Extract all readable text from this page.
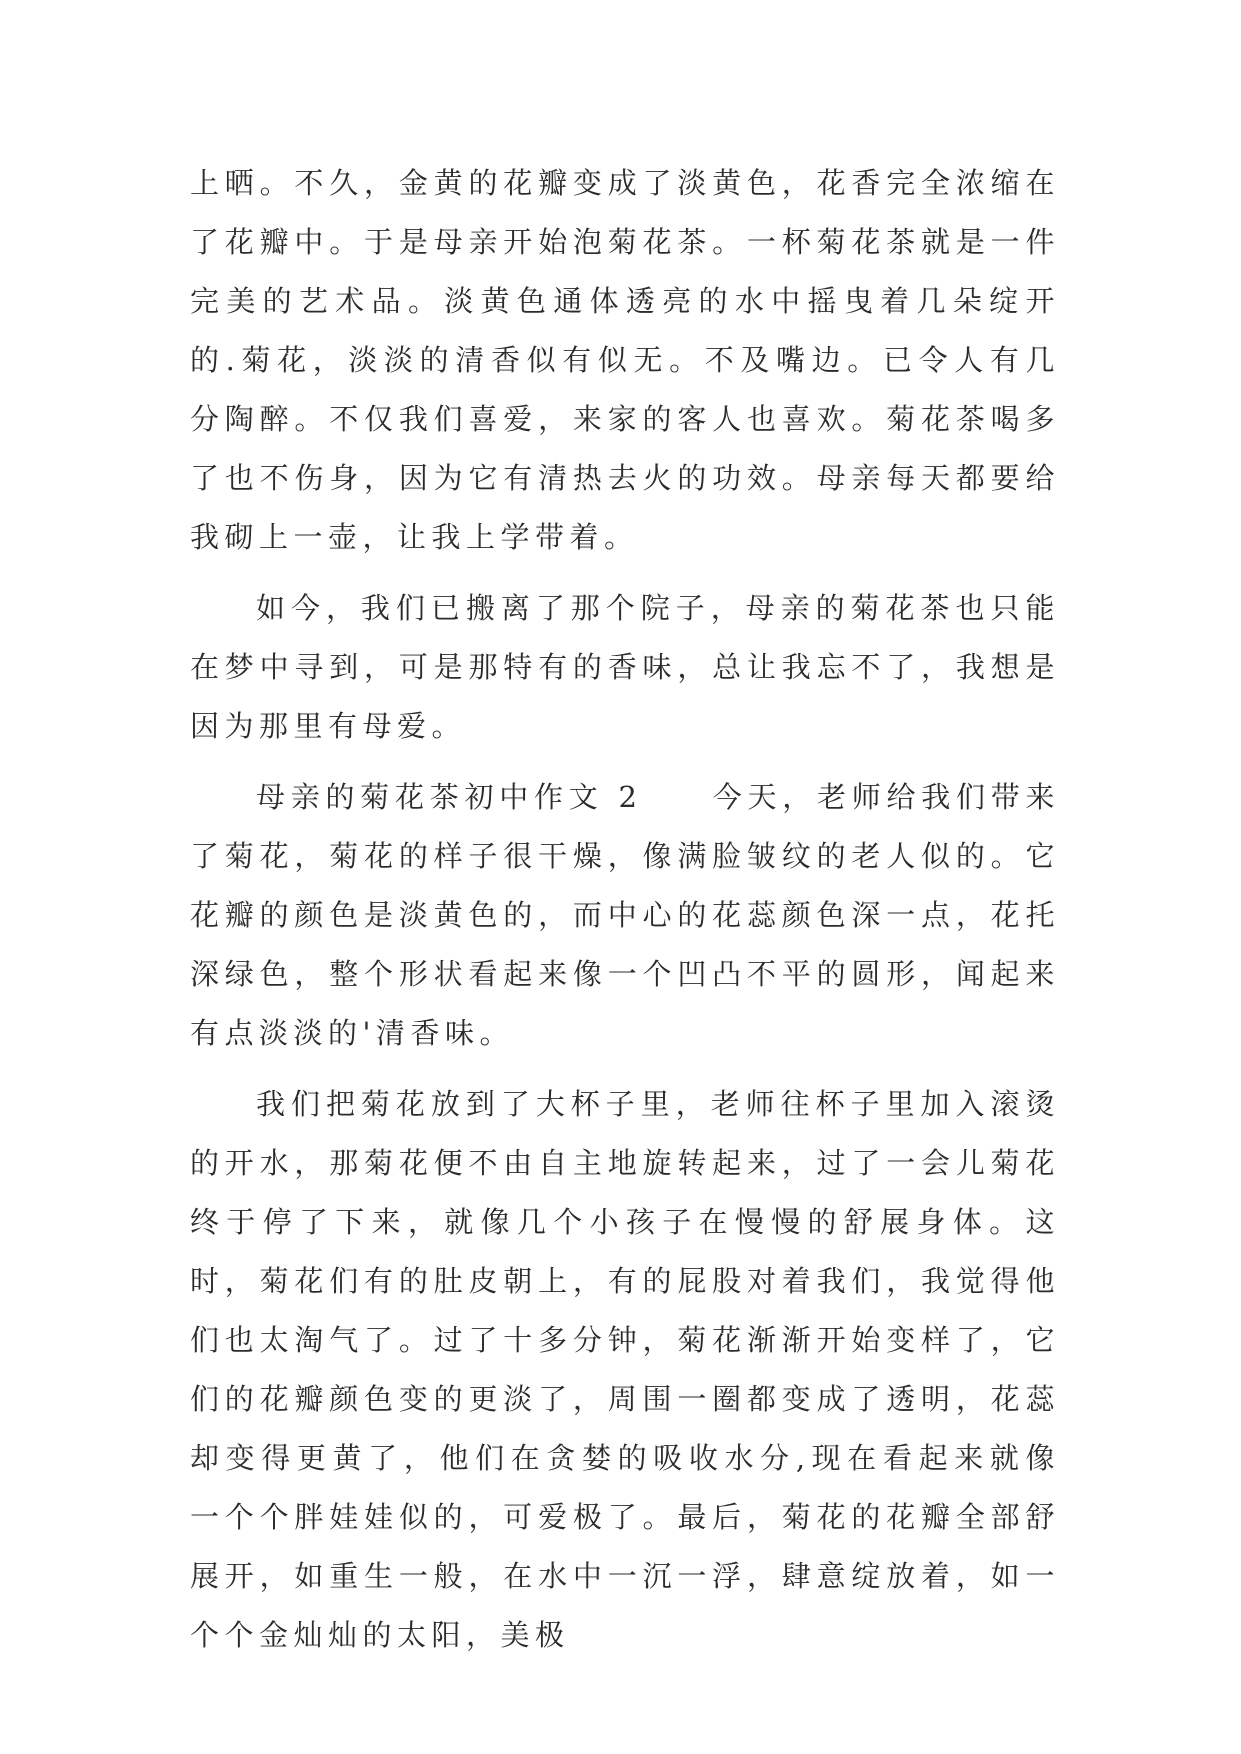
上晒。不久，金黄的花瓣变成了淡黄色，花香完全浓缩在了花瓣中。于是母亲开始泡菊花茶。一杯菊花茶就是一件完美的艺术品。淡黄色通体透亮的水中摇曳着几朵绽开的.菊花，淡淡的清香似有似无。不及嘴边。已令人有几分陶醉。不仅我们喜爱，来家的客人也喜欢。菊花茶喝多了也不伤身，因为它有清热去火的功效。母亲每天都要给我砌上一壶，让我上学带着。

如今，我们已搬离了那个院子，母亲的菊花茶也只能在梦中寻到，可是那特有的香味，总让我忘不了，我想是因为那里有母爱。

母亲的菊花茶初中作文 2 今天，老师给我们带来了菊花，菊花的样子很干燥，像满脸皱纹的老人似的。它花瓣的颜色是淡黄色的，而中心的花蕊颜色深一点，花托深绿色，整个形状看起来像一个凹凸不平的圆形，闻起来有点淡淡的'清香味。

我们把菊花放到了大杯子里，老师往杯子里加入滚烫的开水，那菊花便不由自主地旋转起来，过了一会儿菊花终于停了下来，就像几个小孩子在慢慢的舒展身体。这时，菊花们有的肚皮朝上，有的屁股对着我们，我觉得他们也太淘气了。过了十多分钟，菊花渐渐开始变样了，它们的花瓣颜色变的更淡了，周围一圈都变成了透明，花蕊却变得更黄了，他们在贪婪的吸收水分,现在看起来就像一个个胖娃娃似的，可爱极了。最后，菊花的花瓣全部舒展开，如重生一般，在水中一沉一浮，肆意绽放着，如一个个金灿灿的太阳，美极
